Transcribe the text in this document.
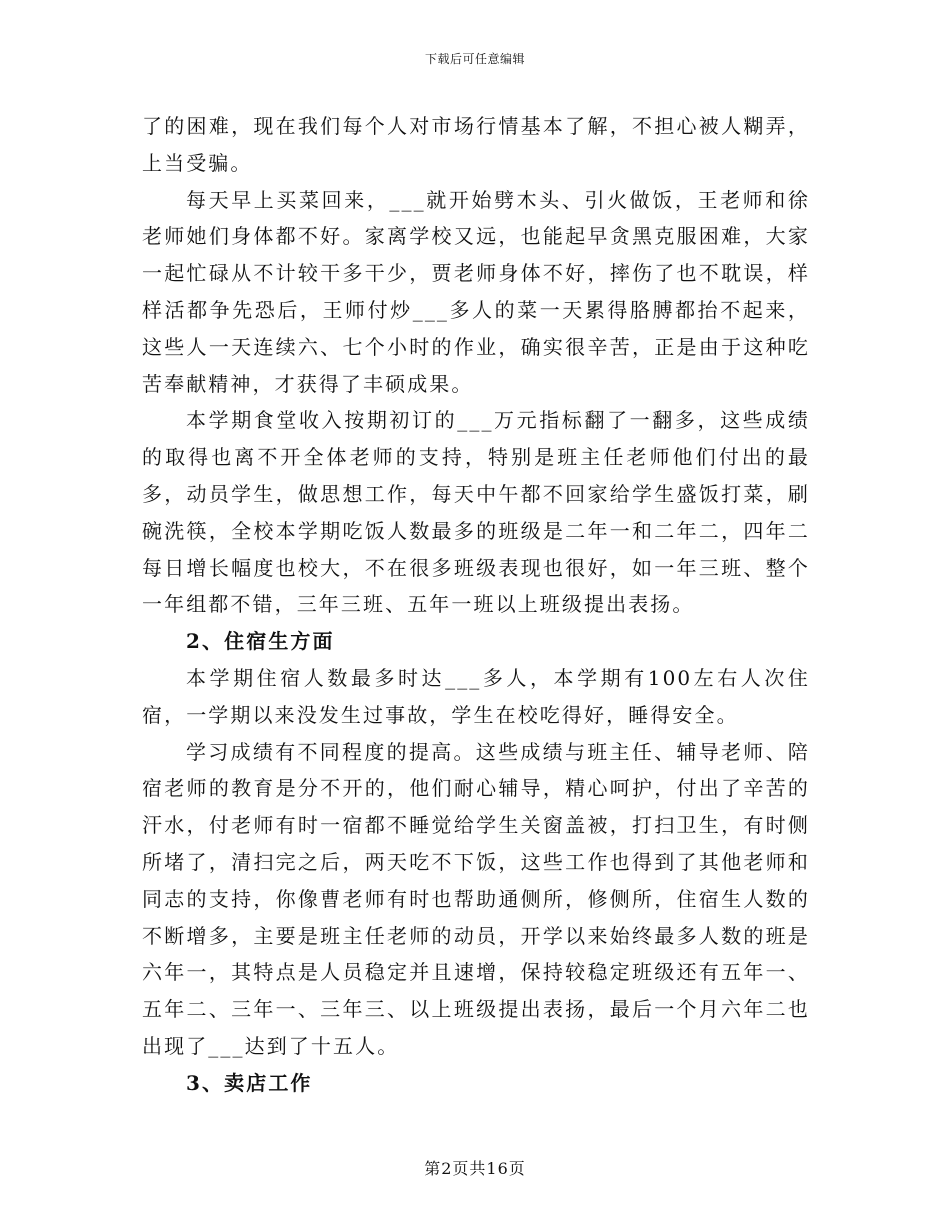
下载后可任意编辑

了的困难，现在我们每个人对市场行情基本了解，不担心被人糊弄，上当受骗。

每天早上买菜回来，___就开始劈木头、引火做饭，王老师和徐老师她们身体都不好。家离学校又远，也能起早贪黑克服困难，大家一起忙碌从不计较干多干少，贾老师身体不好，摔伤了也不耽误，样样活都争先恐后，王师付炒___多人的菜一天累得胳膊都抬不起来，这些人一天连续六、七个小时的作业，确实很辛苦，正是由于这种吃苦奉献精神，才获得了丰硕成果。

本学期食堂收入按期初订的___万元指标翻了一翻多，这些成绩的取得也离不开全体老师的支持，特别是班主任老师他们付出的最多，动员学生，做思想工作，每天中午都不回家给学生盛饭打菜，刷碗洗筷，全校本学期吃饭人数最多的班级是二年一和二年二，四年二每日增长幅度也校大，不在很多班级表现也很好，如一年三班、整个一年组都不错，三年三班、五年一班以上班级提出表扬。

2、住宿生方面

本学期住宿人数最多时达___多人，本学期有100左右人次住宿，一学期以来没发生过事故，学生在校吃得好，睡得安全。

学习成绩有不同程度的提高。这些成绩与班主任、辅导老师、陪宿老师的教育是分不开的，他们耐心辅导，精心呵护，付出了辛苦的汗水，付老师有时一宿都不睡觉给学生关窗盖被，打扫卫生，有时侧所堵了，清扫完之后，两天吃不下饭，这些工作也得到了其他老师和同志的支持，你像曹老师有时也帮助通侧所，修侧所，住宿生人数的不断增多，主要是班主任老师的动员，开学以来始终最多人数的班是六年一，其特点是人员稳定并且速增，保持较稳定班级还有五年一、五年二、三年一、三年三、以上班级提出表扬，最后一个月六年二也出现了___达到了十五人。

3、卖店工作

第2页共16页
